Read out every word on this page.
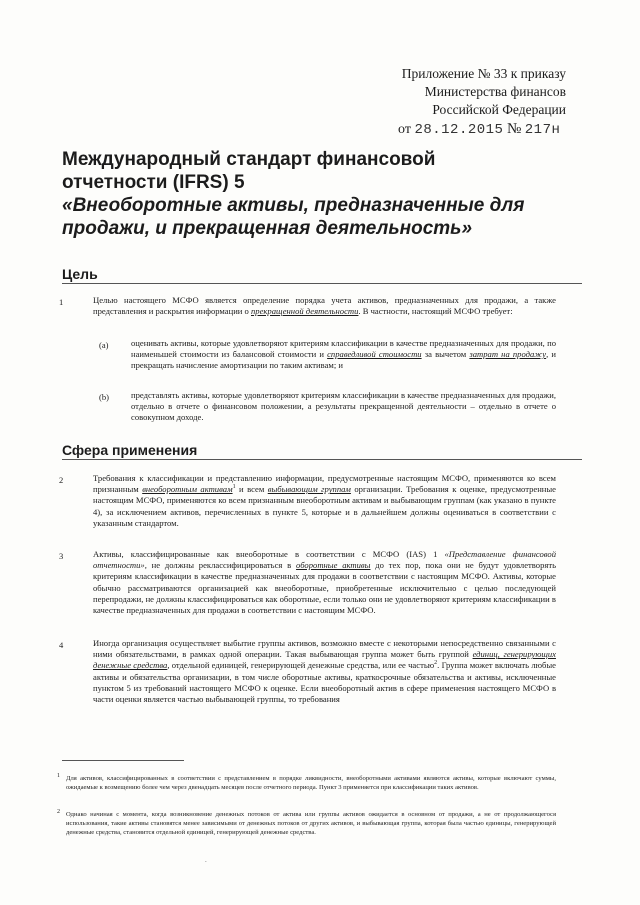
Приложение № 33 к приказу
Министерства финансов
Российской Федерации
от 28.12.2015 № 217н
Международный стандарт финансовой
отчетности (IFRS) 5
«Внеоборотные активы, предназначенные для
продажи, и прекращенная деятельность»
Цель
1	Целью настоящего МСФО является определение порядка учета активов, предназначенных для продажи, а также представления и раскрытия информации о прекращенной деятельности. В частности, настоящий МСФО требует:
(a)	оценивать активы, которые удовлетворяют критериям классификации в качестве предназначенных для продажи, по наименьшей стоимости из балансовой стоимости и справедливой стоимости за вычетом затрат на продажу, и прекращать начисление амортизации по таким активам; и
(b)	представлять активы, которые удовлетворяют критериям классификации в качестве предназначенных для продажи, отдельно в отчете о финансовом положении, а результаты прекращенной деятельности – отдельно в отчете о совокупном доходе.
Сфера применения
2	Требования к классификации и представлению информации, предусмотренные настоящим МСФО, применяются ко всем признанным внеоборотным активам$^1$ и всем выбывающим группам организации. Требования к оценке, предусмотренные настоящим МСФО, применяются ко всем признанным внеоборотным активам и выбывающим группам (как указано в пункте 4), за исключением активов, перечисленных в пункте 5, которые и в дальнейшем должны оцениваться в соответствии с указанным стандартом.
3	Активы, классифицированные как внеоборотные в соответствии с МСФО (IAS) 1 «Представление финансовой отчетности», не должны реклассифицироваться в оборотные активы до тех пор, пока они не будут удовлетворять критериям классификации в качестве предназначенных для продажи в соответствии с настоящим МСФО. Активы, которые обычно рассматриваются организацией как внеоборотные, приобретенные исключительно с целью последующей перепродажи, не должны классифицироваться как оборотные, если только они не удовлетворяют критериям классификации в качестве предназначенных для продажи в соответствии с настоящим МСФО.
4	Иногда организация осуществляет выбытие группы активов, возможно вместе с некоторыми непосредственно связанными с ними обязательствами, в рамках одной операции. Такая выбывающая группа может быть группой единиц, генерирующих денежные средства, отдельной единицей, генерирующей денежные средства, или ее частью$^2$. Группа может включать любые активы и обязательства организации, в том числе оборотные активы, краткосрочные обязательства и активы, исключенные пунктом 5 из требований настоящего МСФО к оценке. Если внеоборотный актив в сфере применения настоящего МСФО в части оценки является частью выбывающей группы, то требования
1 Для активов, классифицированных в соответствии с представлением в порядке ликвидности, внеоборотными активами являются активы, которые включают суммы, ожидаемые к возмещению более чем через двенадцать месяцев после отчетного периода. Пункт 3 применяется при классификации таких активов.
2 Однако начиная с момента, когда возникновение денежных потоков от актива или группы активов ожидается в основном от продажи, а не от продолжающегося использования, такие активы становятся менее зависимыми от денежных потоков от других активов, и выбывающая группа, которая была частью единицы, генерирующей денежные средства, становится отдельной единицей, генерирующей денежные средства.
.
